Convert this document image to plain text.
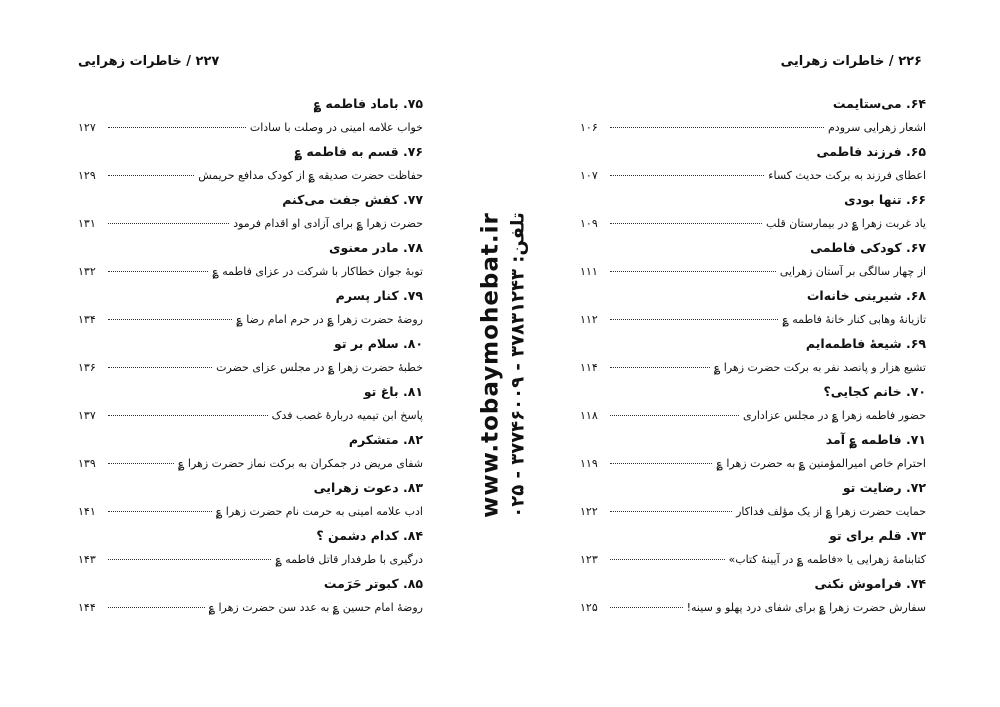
۲۲۷ / خاطرات زهرایی
۷۵. باماد فاطمه ؏
خواب علامه امینی در وصلت با سادات
۱۲۷
۷۶. قسم به فاطمه ؏
حفاظت حضرت صدیقه ؏ از کودک مدافع حریمش
۱۲۹
۷۷. کفش جفت می‌کنم
حضرت زهرا ؏ برای آزادی او اقدام فرمود
۱۳۱
۷۸. مادر معنوی
توبهٔ جوان خطاکار با شرکت در عزای فاطمه ؏
۱۳۲
۷۹. کنار پسرم
روضهٔ حضرت زهرا ؏ در حرم امام رضا ؏
۱۳۴
۸۰. سلام بر تو
خطبهٔ حضرت زهرا ؏ در مجلس عزای حضرت
۱۳۶
۸۱. باغ تو
پاسخ ابن تیمیه دربارهٔ غصب فدک
۱۳۷
۸۲. متشکرم
شفای مریض در جمکران به برکت نماز حضرت زهرا ؏
۱۳۹
۸۳. دعوت زهرایی
ادب علامه امینی به حرمت نام حضرت زهرا ؏
۱۴۱
۸۴. کدام دشمن ؟
درگیری با طرفدار قاتل فاطمه ؏
۱۴۳
۸۵. کبوتر حَرَمت
روضهٔ امام حسین ؏ به عدد سن حضرت زهرا ؏
۱۴۴
۲۲۶ / خاطرات زهرایی
۶۴. می‌ستایمت
اشعار زهرایی سرودم
۱۰۶
۶۵. فرزند فاطمی
اعطای فرزند به برکت حدیث کساء
۱۰۷
۶۶. تنها بودی
یاد غربت زهرا ؏ در بیمارستان قلب
۱۰۹
۶۷. کودکی فاطمی
از چهار سالگی بر آستان زهرایی
۱۱۱
۶۸. شیرینی خانه‌ات
تازیانهٔ وهابی کنار خانهٔ فاطمه ؏
۱۱۲
۶۹. شیعهٔ فاطمه‌ایم
تشیع هزار و پانصد نفر به برکت حضرت زهرا ؏
۱۱۴
۷۰. خانم کجایی؟
حضور فاطمه زهرا ؏ در مجلس عزاداری
۱۱۸
۷۱. فاطمه ؏ آمد
احترام خاص امیرالمؤمنین ؏ به حضرت زهرا ؏
۱۱۹
۷۲. رضایت تو
حمایت حضرت زهرا ؏ از یک مؤلف فداکار
۱۲۲
۷۳. قلم برای تو
کتابنامهٔ زهرایی یا «فاطمه ؏ در آیینهٔ کتاب»
۱۲۳
۷۴. فراموش نکنی
سفارش حضرت زهرا ؏ برای شفای درد پهلو و سینه!
۱۲۵
www.tobaymohebat.ir تلفن: ۳۷۸۳۱۲۴۳ - ۳۷۷۴۶۰۰۹ - ۰۲۵
